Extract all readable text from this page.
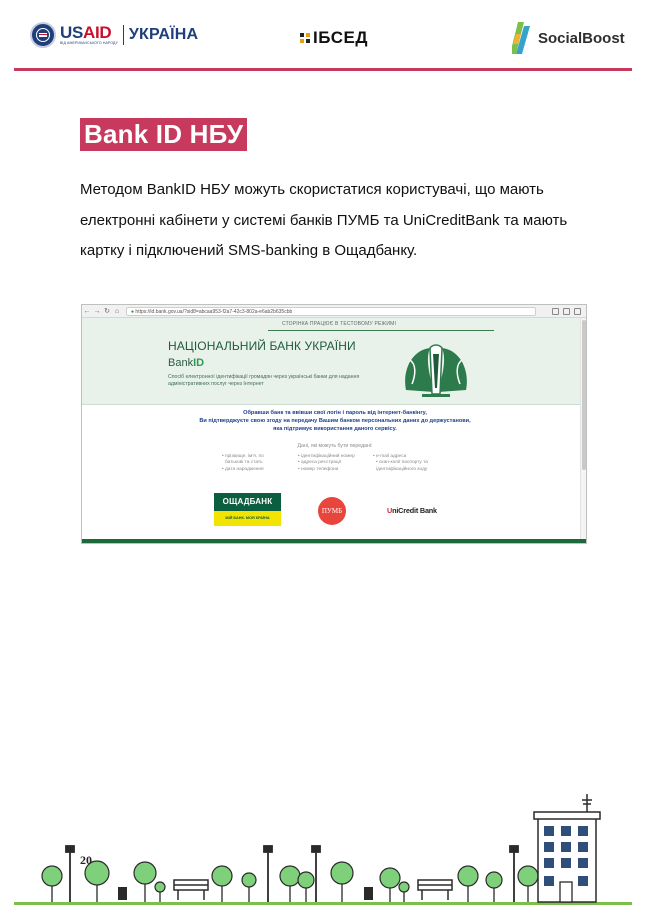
USAID
ВІД АМЕРИКАНСЬКОГО НАРОДУ УКРАЇНА	ІБСЕД	SocialBoost
Bank ID НБУ

Методом BankID НБУ можуть скористатися користувачі, що мають електронні кабінети у системі банків ПУМБ та UniCreditBank та мають картку і підключений SMS-banking в Ощадбанку.

← → ↻ ⌂	● https://id.bank.gov.ua/?sid8=abcaa953-f2a7-42c3-802a-e6ab2b635cbb
СТОРІНКА ПРАЦЮЄ В ТЕСТОВОМУ РЕЖИМІ
НАЦІОНАЛЬНИЙ БАНК УКРАЇНИ
BankID
Спосіб електронної ідентифікації громадян через українські банки для надання адміністративних послуг через Інтернет
Обравши банк та ввівши свої логін і пароль від інтернет-банкінгу,
Ви підтверджуєте свою згоду на передачу Вашим банком персональних даних до держустанови,
яка підтримує використання даного сервісу.
Дані, які можуть бути передані:
• прізвище, ім'я, по
батькові та стать
• дата народження
• ідентифікаційний номер
• адреса реєстрації
• номер телефона
• e-mail адреса
• скан-копії паспорту та
ідентифікаційного коду
ОЩАДБАНК
МІЙ БАНК. МОЯ КРАЇНА
ПУМБ	UniCredit Bank
20
